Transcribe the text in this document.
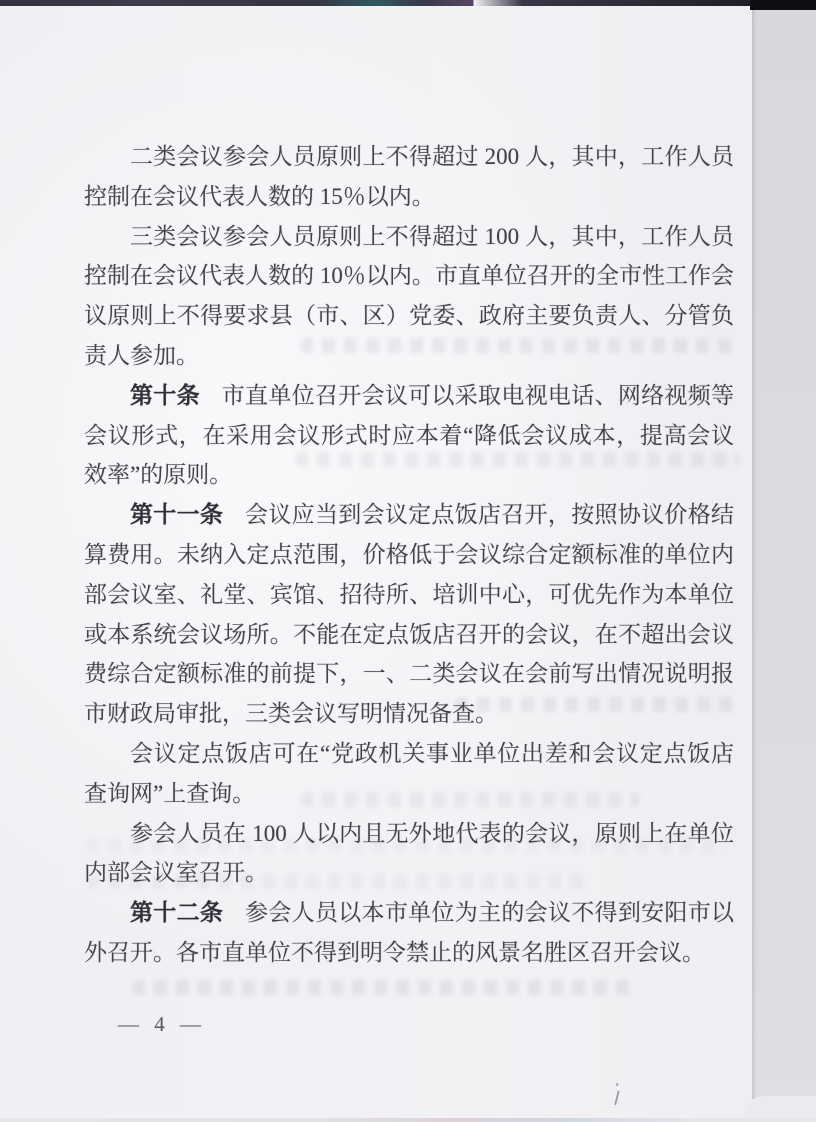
二类会议参会人员原则上不得超过 200 人，其中，工作人员控制在会议代表人数的 15％以内。

三类会议参会人员原则上不得超过 100 人，其中，工作人员控制在会议代表人数的 10％以内。市直单位召开的全市性工作会议原则上不得要求县（市、区）党委、政府主要负责人、分管负责人参加。

第十条 市直单位召开会议可以采取电视电话、网络视频等会议形式，在采用会议形式时应本着“降低会议成本，提高会议效率”的原则。

第十一条 会议应当到会议定点饭店召开，按照协议价格结算费用。未纳入定点范围，价格低于会议综合定额标准的单位内部会议室、礼堂、宾馆、招待所、培训中心，可优先作为本单位或本系统会议场所。不能在定点饭店召开的会议，在不超出会议费综合定额标准的前提下，一、二类会议在会前写出情况说明报市财政局审批，三类会议写明情况备查。

会议定点饭店可在“党政机关事业单位出差和会议定点饭店查询网”上查询。

参会人员在 100 人以内且无外地代表的会议，原则上在单位内部会议室召开。

第十二条 参会人员以本市单位为主的会议不得到安阳市以外召开。各市直单位不得到明令禁止的风景名胜区召开会议。

— 4 —
